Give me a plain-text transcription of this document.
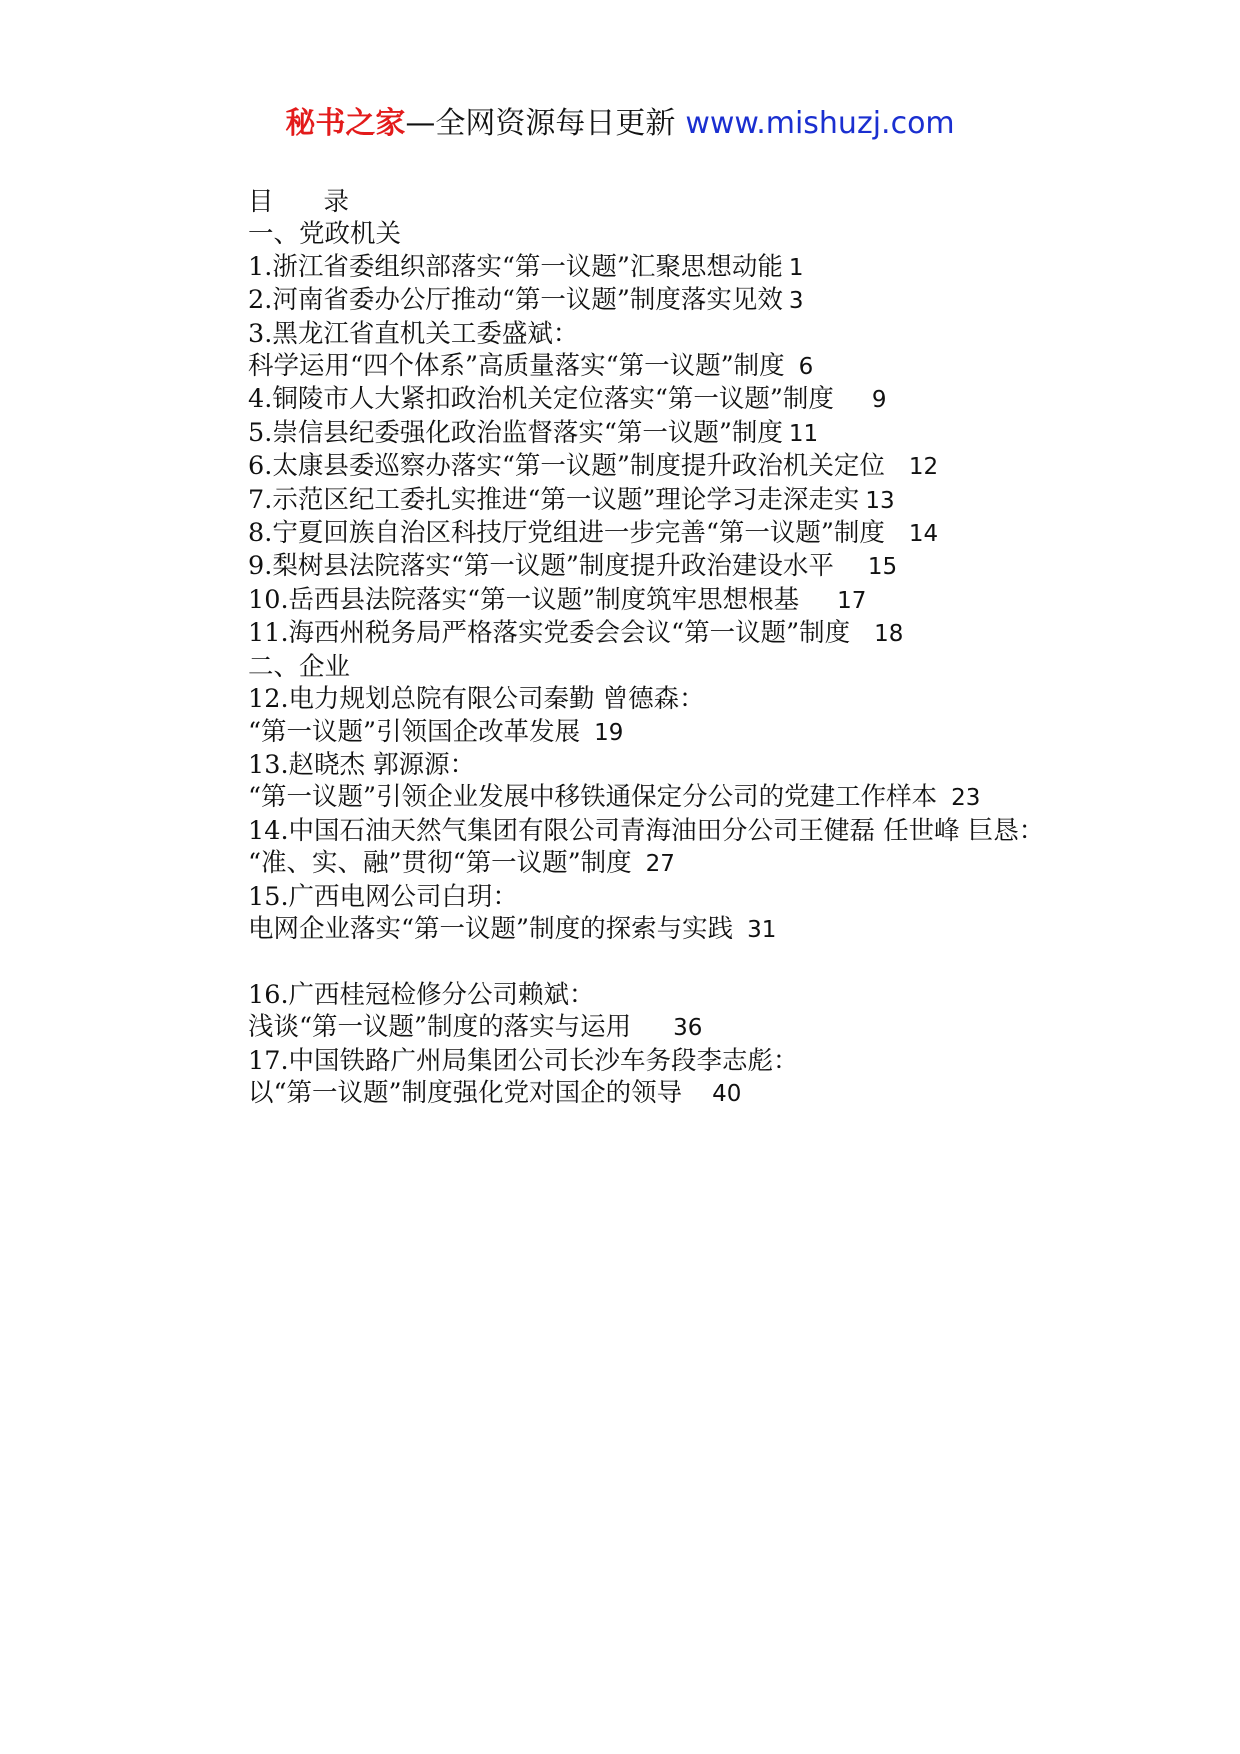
秘书之家—全网资源每日更新 www.mishuzj.com
目 录
一、党政机关
1.浙江省委组织部落实“第一议题”汇聚思想动能 1
2.河南省委办公厅推动“第一议题”制度落实见效 3
3.黑龙江省直机关工委盛斌：
科学运用“四个体系”高质量落实“第一议题”制度 6
4.铜陵市人大紧扣政治机关定位落实“第一议题”制度 9
5.崇信县纪委强化政治监督落实“第一议题”制度 11
6.太康县委巡察办落实“第一议题”制度提升政治机关定位 12
7.示范区纪工委扎实推进“第一议题”理论学习走深走实 13
8.宁夏回族自治区科技厅党组进一步完善“第一议题”制度 14
9.梨树县法院落实“第一议题”制度提升政治建设水平 15
10.岳西县法院落实“第一议题”制度筑牢思想根基 17
11.海西州税务局严格落实党委会会议“第一议题”制度 18
二、企业
12.电力规划总院有限公司秦勤 曾德森：
“第一议题”引领国企改革发展 19
13.赵晓杰 郭源源：
“第一议题”引领企业发展中移铁通保定分公司的党建工作样本 23
14.中国石油天然气集团有限公司青海油田分公司王健磊 任世峰 巨恳：
“准、实、融”贯彻“第一议题”制度 27
15.广西电网公司白玥：
电网企业落实“第一议题”制度的探索与实践 31
16.广西桂冠检修分公司赖斌：
浅谈“第一议题”制度的落实与运用 36
17.中国铁路广州局集团公司长沙车务段李志彪：
以“第一议题”制度强化党对国企的领导 40
